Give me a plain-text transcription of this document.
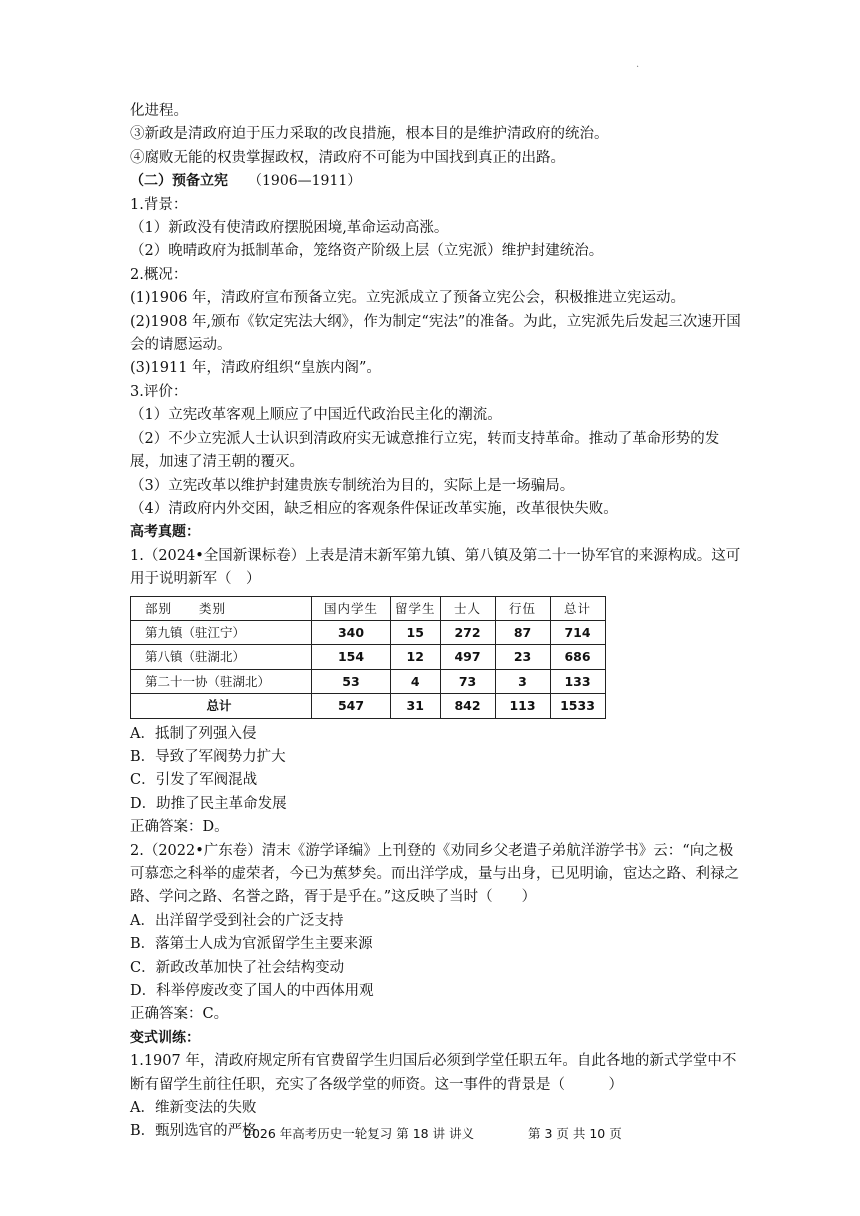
·

化进程。

③新政是清政府迫于压力采取的改良措施，根本目的是维护清政府的统治。

④腐败无能的权贵掌握政权，清政府不可能为中国找到真正的出路。

（二）预备立宪 （1906—1911）

1.背景：

（1）新政没有使清政府摆脱困境,革命运动高涨。

（2）晚晴政府为抵制革命，笼络资产阶级上层（立宪派）维护封建统治。

2.概况：

(1)1906 年，清政府宣布预备立宪。立宪派成立了预备立宪公会，积极推进立宪运动。

(2)1908 年,颁布《钦定宪法大纲》，作为制定“宪法”的准备。为此，立宪派先后发起三次速开国会的请愿运动。

(3)1911 年，清政府组织“皇族内阁”。

3.评价：

（1）立宪改革客观上顺应了中国近代政治民主化的潮流。

（2）不少立宪派人士认识到清政府实无诚意推行立宪，转而支持革命。推动了革命形势的发展，加速了清王朝的覆灭。

（3）立宪改革以维护封建贵族专制统治为目的，实际上是一场骗局。

（4）清政府内外交困，缺乏相应的客观条件保证改革实施，改革很快失败。

高考真题：

1.（2024•全国新课标卷）上表是清末新军第九镇、第八镇及第二十一协军官的来源构成。这可用于说明新军（　）

部别　　类别	国内学生	留学生	士人	行伍	总计
第九镇（驻江宁）	340	15	272	87	714
第八镇（驻湖北）	154	12	497	23	686
第二十一协（驻湖北）	53	4	73	3	133
总计	547	31	842	113	1533

A．抵制了列强入侵

B．导致了军阀势力扩大

C．引发了军阀混战

D．助推了民主革命发展

正确答案：D。

2.（2022•广东卷）清末《游学译编》上刊登的《劝同乡父老遣子弟航洋游学书》云：“向之极可慕恋之科举的虚荣者，今已为蕉梦矣。而出洋学成，量与出身，已见明谕，宦达之路、利禄之路、学问之路、名誉之路，胥于是乎在。”这反映了当时（　　）

A．出洋留学受到社会的广泛支持

B．落第士人成为官派留学生主要来源

C．新政改革加快了社会结构变动

D．科举停废改变了国人的中西体用观

正确答案：C。

变式训练：

1.1907 年，清政府规定所有官费留学生归国后必须到学堂任职五年。自此各地的新式学堂中不断有留学生前往任职，充实了各级学堂的师资。这一事件的背景是（　　　）

A．维新变法的失败

B．甄别选官的严格

2026 年高考历史一轮复习 第 18 讲 讲义	第 3 页 共 10 页
